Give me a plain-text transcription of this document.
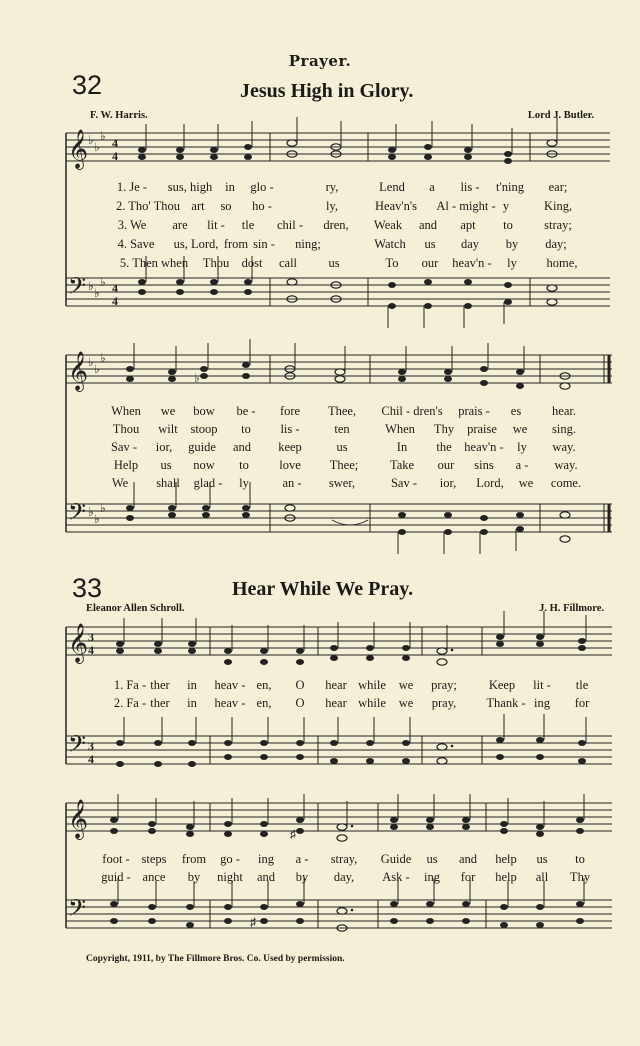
Prayer.
32	Jesus High in Glory.
F. W. Harris.	Lord J. Butler.
𝄞
𝄢
♭ ♭
♭
♭ ♭
♭
4
4
4
4
1. Je - sus, high in glo -	ry,	Lend a lis - t'ning ear;
2. Tho' Thou art so ho -	ly,	Heav'n's Al - might - y	King,
3. We are lit - tle chil - dren, Weak and apt to stray;
4. Save us, Lord, from sin - ning;	Watch us day by day;
5. Then when Thou dost call	us	To our heav'n - ly home,
𝄞
𝄢
♭ ♭
♭
♭ ♭
♭
♭
When we bow be - fore Thee, Chil - dren's prais - es hear.
Thou wilt stoop to lis -	ten	When Thy praise we sing.
Sav - ior, guide and keep	us	In the heav'n - ly way.
Help us now to love Thee;	Take our sins a - way.
We shall glad - ly	an - swer,	Sav - ior, Lord, we come.
33	Hear While We Pray.
Eleanor Allen Schroll.	J. H. Fillmore.
𝄞
𝄢
3
4
3
4
1. Fa - ther in heav - en, O hear while we pray;	Keep lit - tle
2. Fa - ther in heav - en, O hear while we pray, Thank - ing for
𝄞
𝄢
♯
♯
foot - steps from go - ing a - stray, Guide us and help us to
guid - ance by night and by day, Ask - ing for help all Thy
Copyright, 1911, by The Fillmore Bros. Co. Used by permission.
